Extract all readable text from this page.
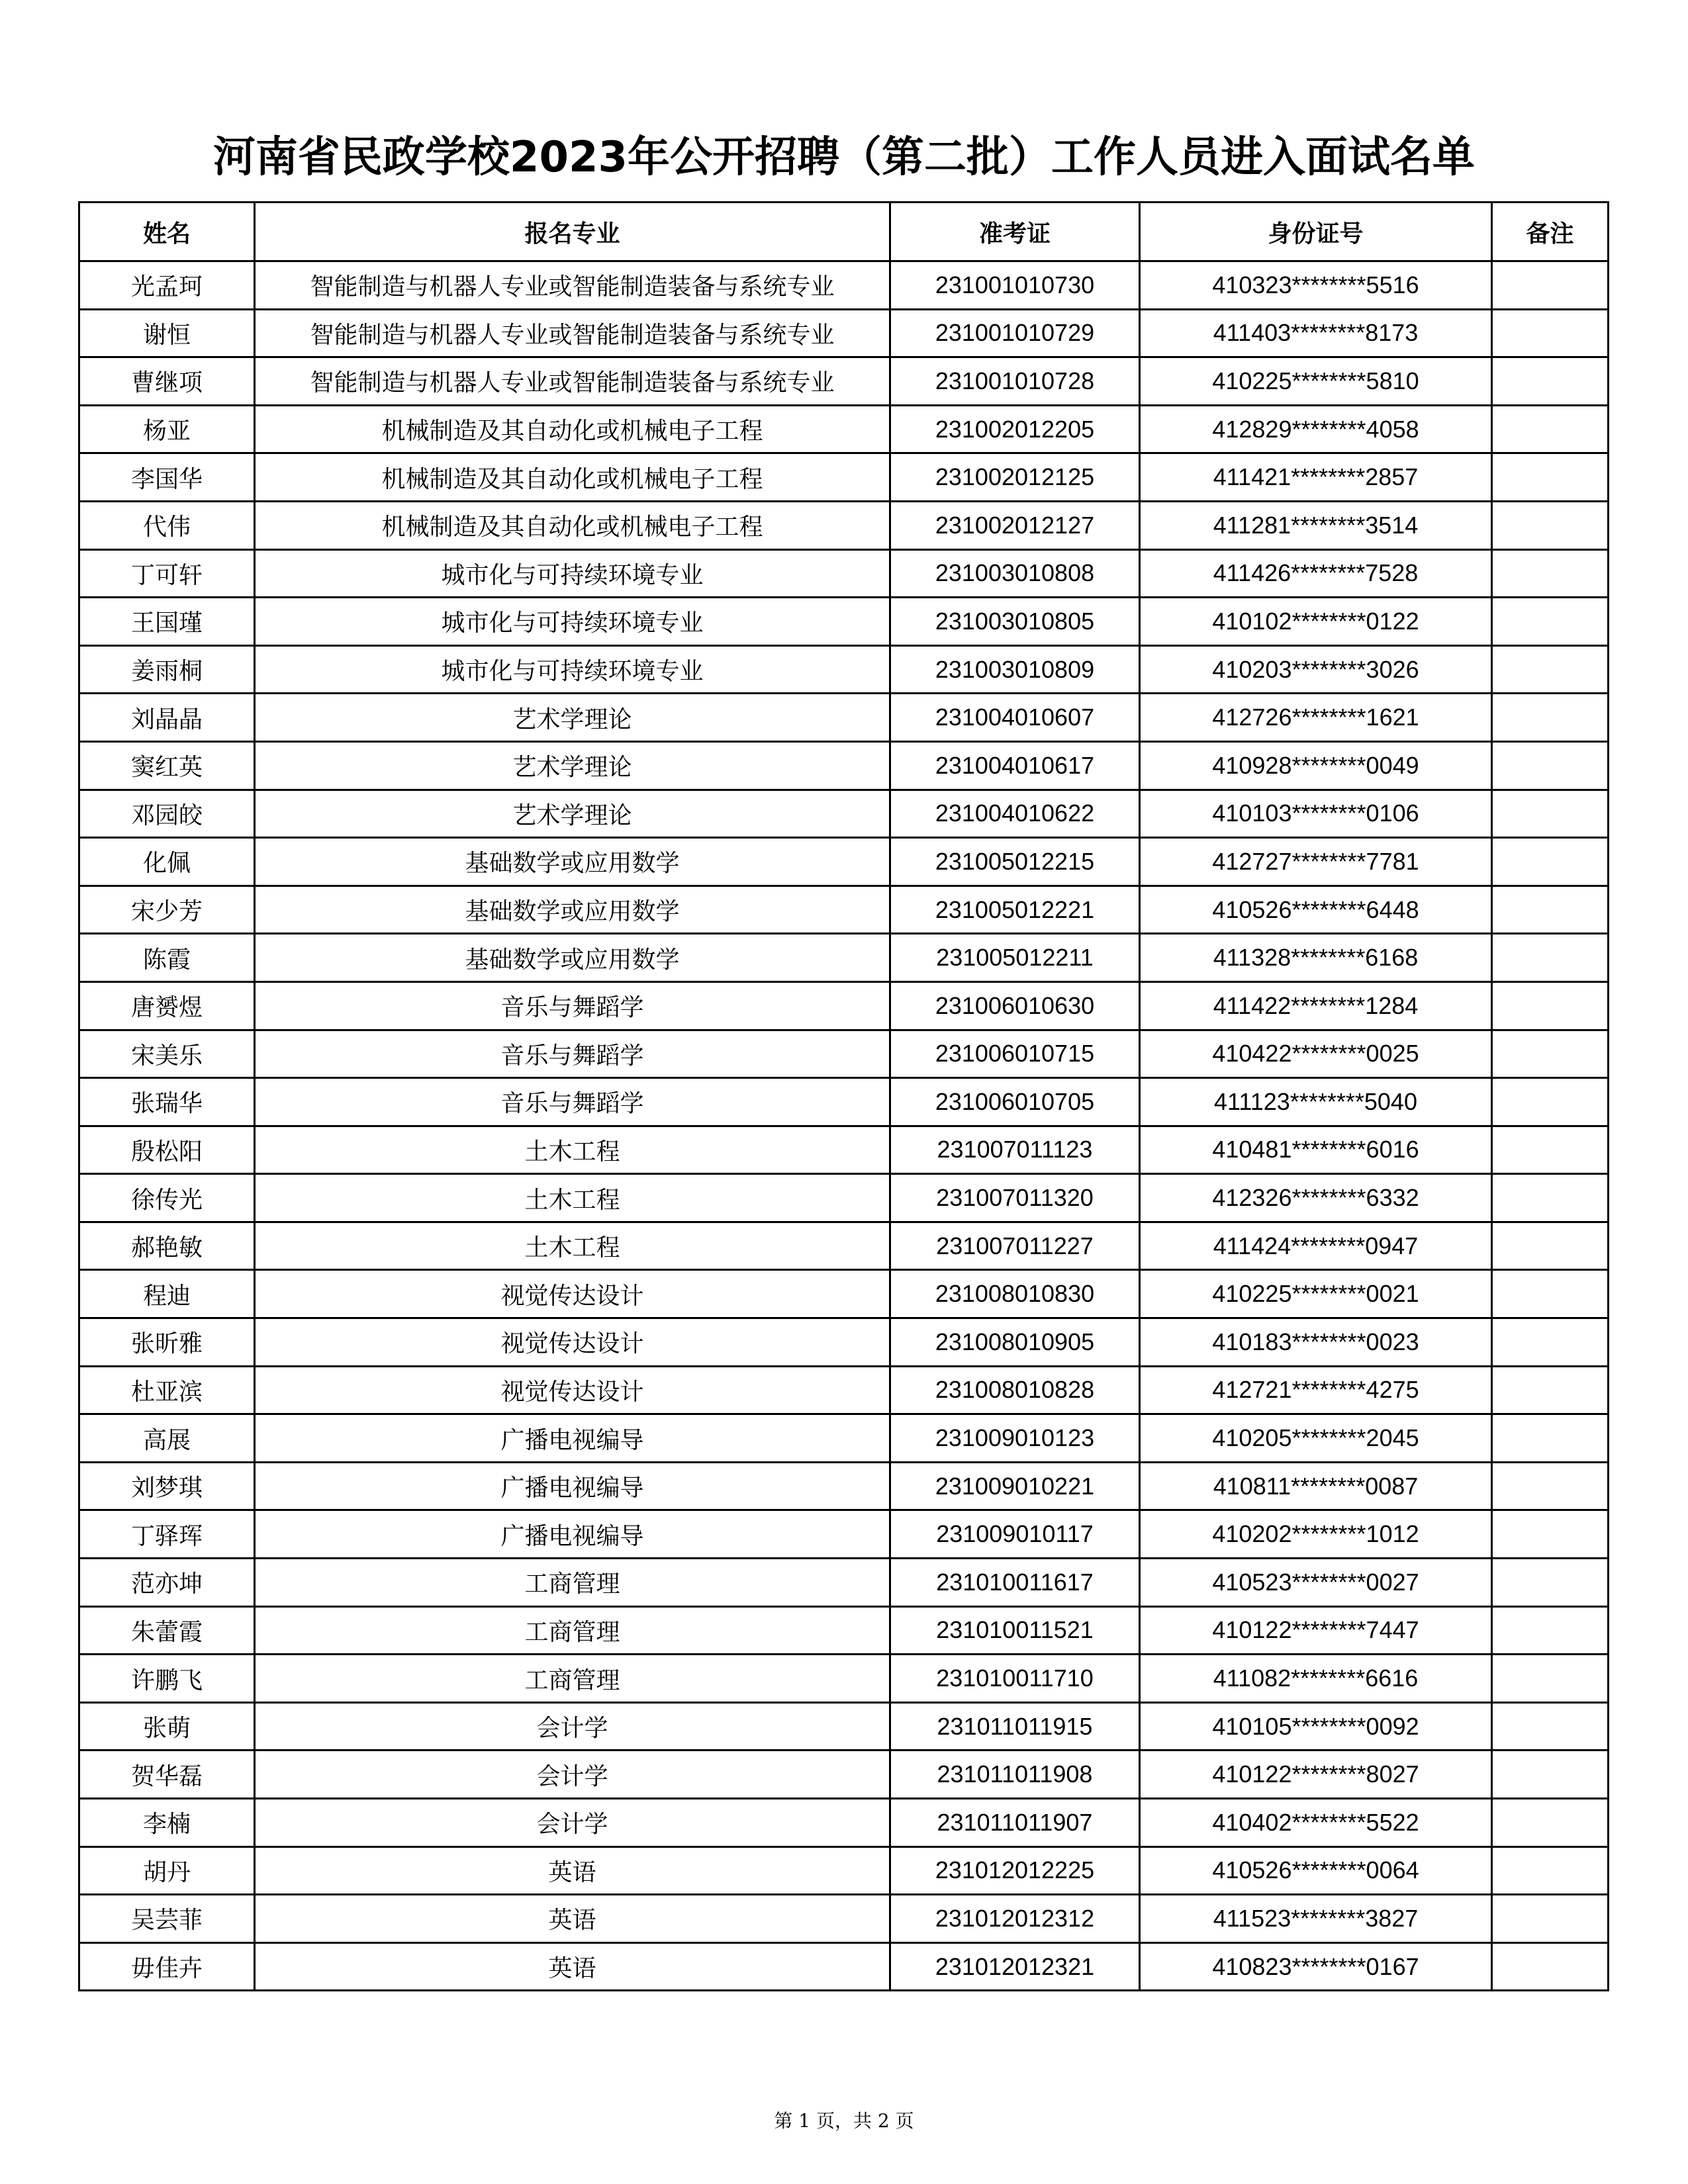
河南省民政学校2023年公开招聘（第二批）工作人员进入面试名单
姓名	报名专业	准考证	身份证号	备注
光孟珂	智能制造与机器人专业或智能制造装备与系统专业	231001010730	410323********5516	
谢恒	智能制造与机器人专业或智能制造装备与系统专业	231001010729	411403********8173	
曹继项	智能制造与机器人专业或智能制造装备与系统专业	231001010728	410225********5810	
杨亚	机械制造及其自动化或机械电子工程	231002012205	412829********4058	
李国华	机械制造及其自动化或机械电子工程	231002012125	411421********2857	
代伟	机械制造及其自动化或机械电子工程	231002012127	411281********3514	
丁可轩	城市化与可持续环境专业	231003010808	411426********7528	
王国瑾	城市化与可持续环境专业	231003010805	410102********0122	
姜雨桐	城市化与可持续环境专业	231003010809	410203********3026	
刘晶晶	艺术学理论	231004010607	412726********1621	
窦红英	艺术学理论	231004010617	410928********0049	
邓园皎	艺术学理论	231004010622	410103********0106	
化佩	基础数学或应用数学	231005012215	412727********7781	
宋少芳	基础数学或应用数学	231005012221	410526********6448	
陈霞	基础数学或应用数学	231005012211	411328********6168	
唐赟煜	音乐与舞蹈学	231006010630	411422********1284	
宋美乐	音乐与舞蹈学	231006010715	410422********0025	
张瑞华	音乐与舞蹈学	231006010705	411123********5040	
殷松阳	土木工程	231007011123	410481********6016	
徐传光	土木工程	231007011320	412326********6332	
郝艳敏	土木工程	231007011227	411424********0947	
程迪	视觉传达设计	231008010830	410225********0021	
张昕雅	视觉传达设计	231008010905	410183********0023	
杜亚滨	视觉传达设计	231008010828	412721********4275	
高展	广播电视编导	231009010123	410205********2045	
刘梦琪	广播电视编导	231009010221	410811********0087	
丁驿珲	广播电视编导	231009010117	410202********1012	
范亦坤	工商管理	231010011617	410523********0027	
朱蕾霞	工商管理	231010011521	410122********7447	
许鹏飞	工商管理	231010011710	411082********6616	
张萌	会计学	231011011915	410105********0092	
贺华磊	会计学	231011011908	410122********8027	
李楠	会计学	231011011907	410402********5522	
胡丹	英语	231012012225	410526********0064	
吴芸菲	英语	231012012312	411523********3827	
毋佳卉	英语	231012012321	410823********0167	
第 1 页，共 2 页
